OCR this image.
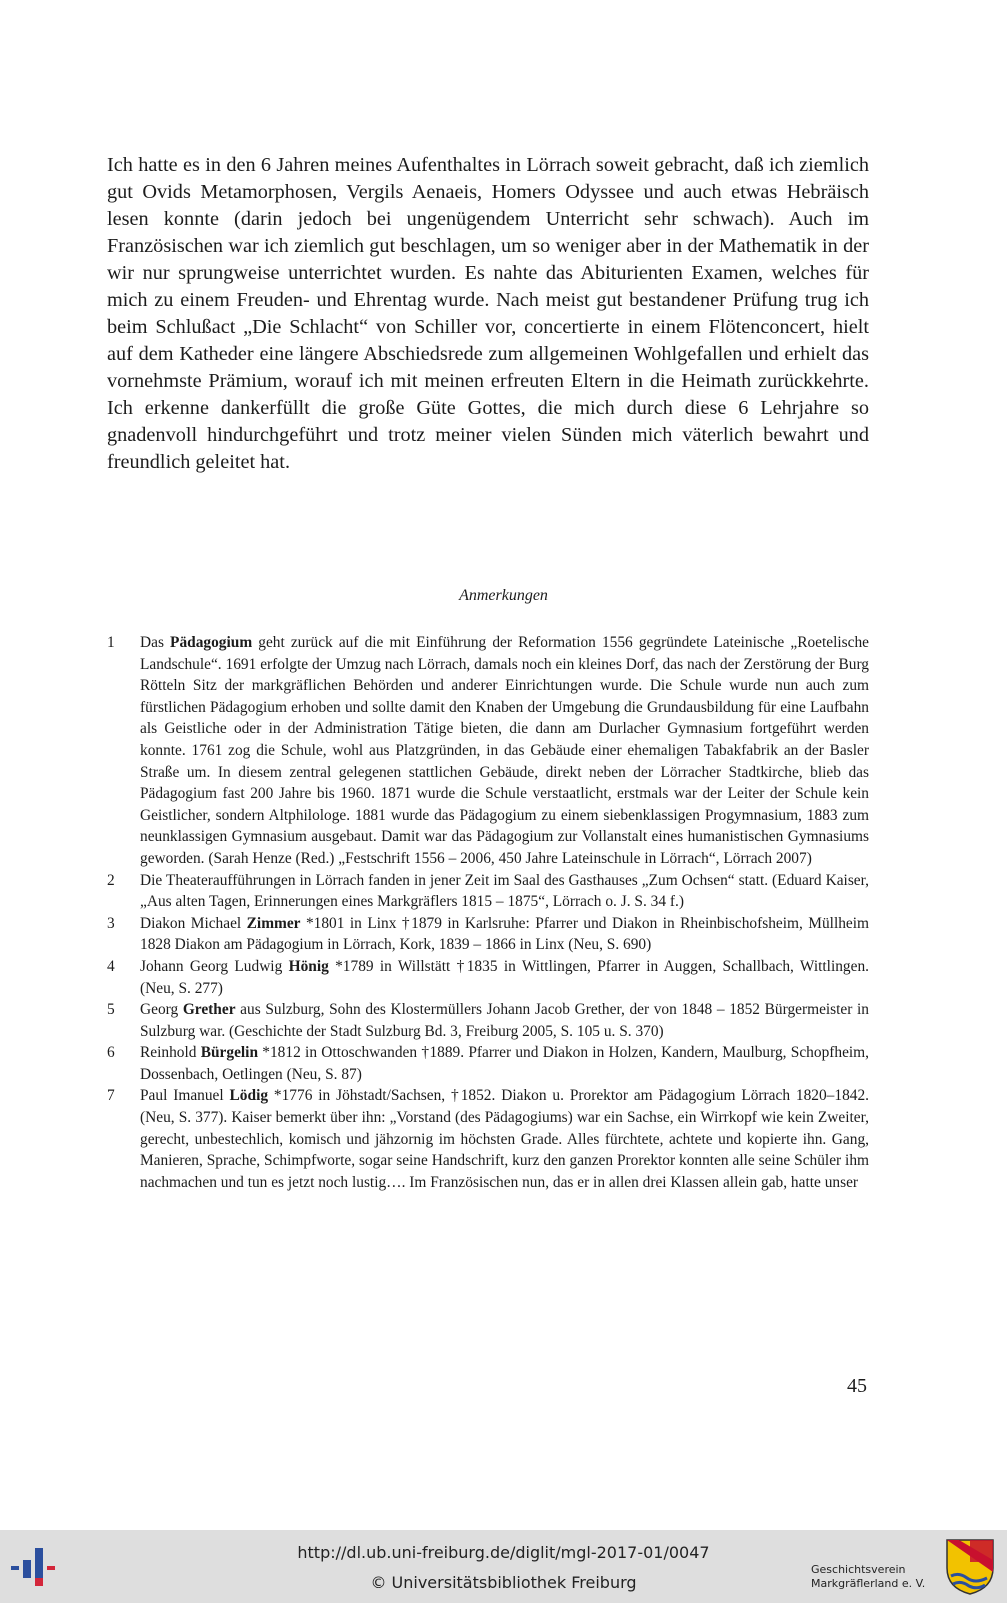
Ich hatte es in den 6 Jahren meines Aufenthaltes in Lörrach soweit gebracht, daß ich ziemlich gut Ovids Metamorphosen, Vergils Aenaeis, Homers Odyssee und auch etwas Hebräisch lesen konnte (darin jedoch bei ungenügendem Unterricht sehr schwach). Auch im Französischen war ich ziemlich gut beschlagen, um so weniger aber in der Mathematik in der wir nur sprungweise unterrichtet wurden. Es nahte das Abiturienten Examen, welches für mich zu einem Freuden- und Ehrentag wurde. Nach meist gut bestandener Prüfung trug ich beim Schlußact „Die Schlacht“ von Schiller vor, concertierte in einem Flötenconcert, hielt auf dem Katheder eine längere Abschiedsrede zum allgemeinen Wohlgefallen und erhielt das vornehmste Prämium, worauf ich mit meinen erfreuten Eltern in die Heimath zurückkehrte. Ich erkenne dankerfüllt die große Güte Gottes, die mich durch diese 6 Lehrjahre so gnadenvoll hindurchgeführt und trotz meiner vielen Sünden mich väterlich bewahrt und freundlich geleitet hat.

Anmerkungen

1	Das Pädagogium geht zurück auf die mit Einführung der Reformation 1556 gegründete Lateinische „Roetelische Landschule“. 1691 erfolgte der Umzug nach Lörrach, damals noch ein kleines Dorf, das nach der Zerstörung der Burg Rötteln Sitz der markgräflichen Behörden und anderer Einrichtungen wurde. Die Schule wurde nun auch zum fürstlichen Pädagogium erhoben und sollte damit den Knaben der Umgebung die Grundausbildung für eine Laufbahn als Geistliche oder in der Administration Tätige bieten, die dann am Durlacher Gymnasium fortgeführt werden konnte. 1761 zog die Schule, wohl aus Platzgründen, in das Gebäude einer ehemaligen Tabakfabrik an der Basler Straße um. In diesem zentral gelegenen stattlichen Gebäude, direkt neben der Lörracher Stadtkirche, blieb das Pädagogium fast 200 Jahre bis 1960. 1871 wurde die Schule verstaatlicht, erstmals war der Leiter der Schule kein Geistlicher, sondern Altphilologe. 1881 wurde das Pädagogium zu einem siebenklassigen Progymnasium, 1883 zum neunklassigen Gymnasium ausgebaut. Damit war das Pädagogium zur Vollanstalt eines humanistischen Gymnasiums geworden. (Sarah Henze (Red.) „Festschrift 1556 – 2006, 450 Jahre Lateinschule in Lörrach“, Lörrach 2007)
2	Die Theateraufführungen in Lörrach fanden in jener Zeit im Saal des Gasthauses „Zum Ochsen“ statt. (Eduard Kaiser, „Aus alten Tagen, Erinnerungen eines Markgräflers 1815 – 1875“, Lörrach o. J. S. 34 f.)
3	Diakon Michael Zimmer *1801 in Linx †1879 in Karlsruhe: Pfarrer und Diakon in Rheinbischofsheim, Müllheim 1828 Diakon am Pädagogium in Lörrach, Kork, 1839 – 1866 in Linx (Neu, S. 690)
4	Johann Georg Ludwig Hönig *1789 in Willstätt †1835 in Wittlingen, Pfarrer in Auggen, Schallbach, Wittlingen. (Neu, S. 277)
5	Georg Grether aus Sulzburg, Sohn des Klostermüllers Johann Jacob Grether, der von 1848 – 1852 Bürgermeister in Sulzburg war. (Geschichte der Stadt Sulzburg Bd. 3, Freiburg 2005, S. 105 u. S. 370)
6	Reinhold Bürgelin *1812 in Ottoschwanden †1889. Pfarrer und Diakon in Holzen, Kandern, Maulburg, Schopfheim, Dossenbach, Oetlingen (Neu, S. 87)
7	Paul Imanuel Lödig *1776 in Jöhstadt/Sachsen, †1852. Diakon u. Prorektor am Pädagogium Lörrach 1820–1842. (Neu, S. 377). Kaiser bemerkt über ihn: „Vorstand (des Pädagogiums) war ein Sachse, ein Wirrkopf wie kein Zweiter, gerecht, unbestechlich, komisch und jähzornig im höchsten Grade. Alles fürchtete, achtete und kopierte ihn. Gang, Manieren, Sprache, Schimpfworte, sogar seine Handschrift, kurz den ganzen Prorektor konnten alle seine Schüler ihm nachmachen und tun es jetzt noch lustig…. Im Französischen nun, das er in allen drei Klassen allein gab, hatte unser

45

http://dl.ub.uni-freiburg.de/diglit/mgl-2017-01/0047
© Universitätsbibliothek Freiburg
Geschichtsverein
Markgräflerland e. V.
